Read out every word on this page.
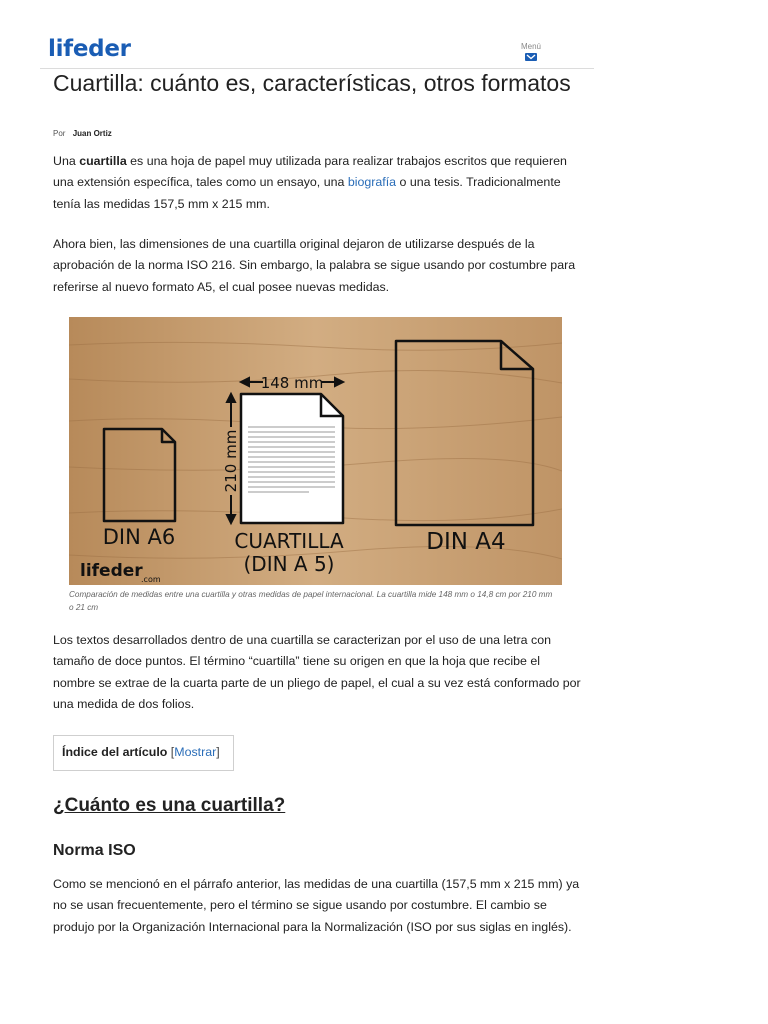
lifeder	Menú
Cuartilla: cuánto es, características, otros formatos
Por Juan Ortiz

Una cuartilla es una hoja de papel muy utilizada para realizar trabajos escritos que requieren una extensión específica, tales como un ensayo, una biografía o una tesis. Tradicionalmente tenía las medidas 157,5 mm x 215 mm.

Ahora bien, las dimensiones de una cuartilla original dejaron de utilizarse después de la aprobación de la norma ISO 216. Sin embargo, la palabra se sigue usando por costumbre para referirse al nuevo formato A5, el cual posee nuevas medidas.

148 mm
210 mm
DIN A6	CUARTILLA
(DIN A 5)
DIN A4
lifeder
.com

Comparación de medidas entre una cuartilla y otras medidas de papel internacional. La cuartilla mide 148 mm o 14,8 cm por 210 mm o 21 cm

Los textos desarrollados dentro de una cuartilla se caracterizan por el uso de una letra con tamaño de doce puntos. El término “cuartilla” tiene su origen en que la hoja que recibe el nombre se extrae de la cuarta parte de un pliego de papel, el cual a su vez está conformado por una medida de dos folios.

Índice del artículo [Mostrar]
¿Cuánto es una cuartilla?
Norma ISO

Como se mencionó en el párrafo anterior, las medidas de una cuartilla (157,5 mm x 215 mm) ya no se usan frecuentemente, pero el término se sigue usando por costumbre. El cambio se produjo por la Organización Internacional para la Normalización (ISO por sus siglas en inglés).
